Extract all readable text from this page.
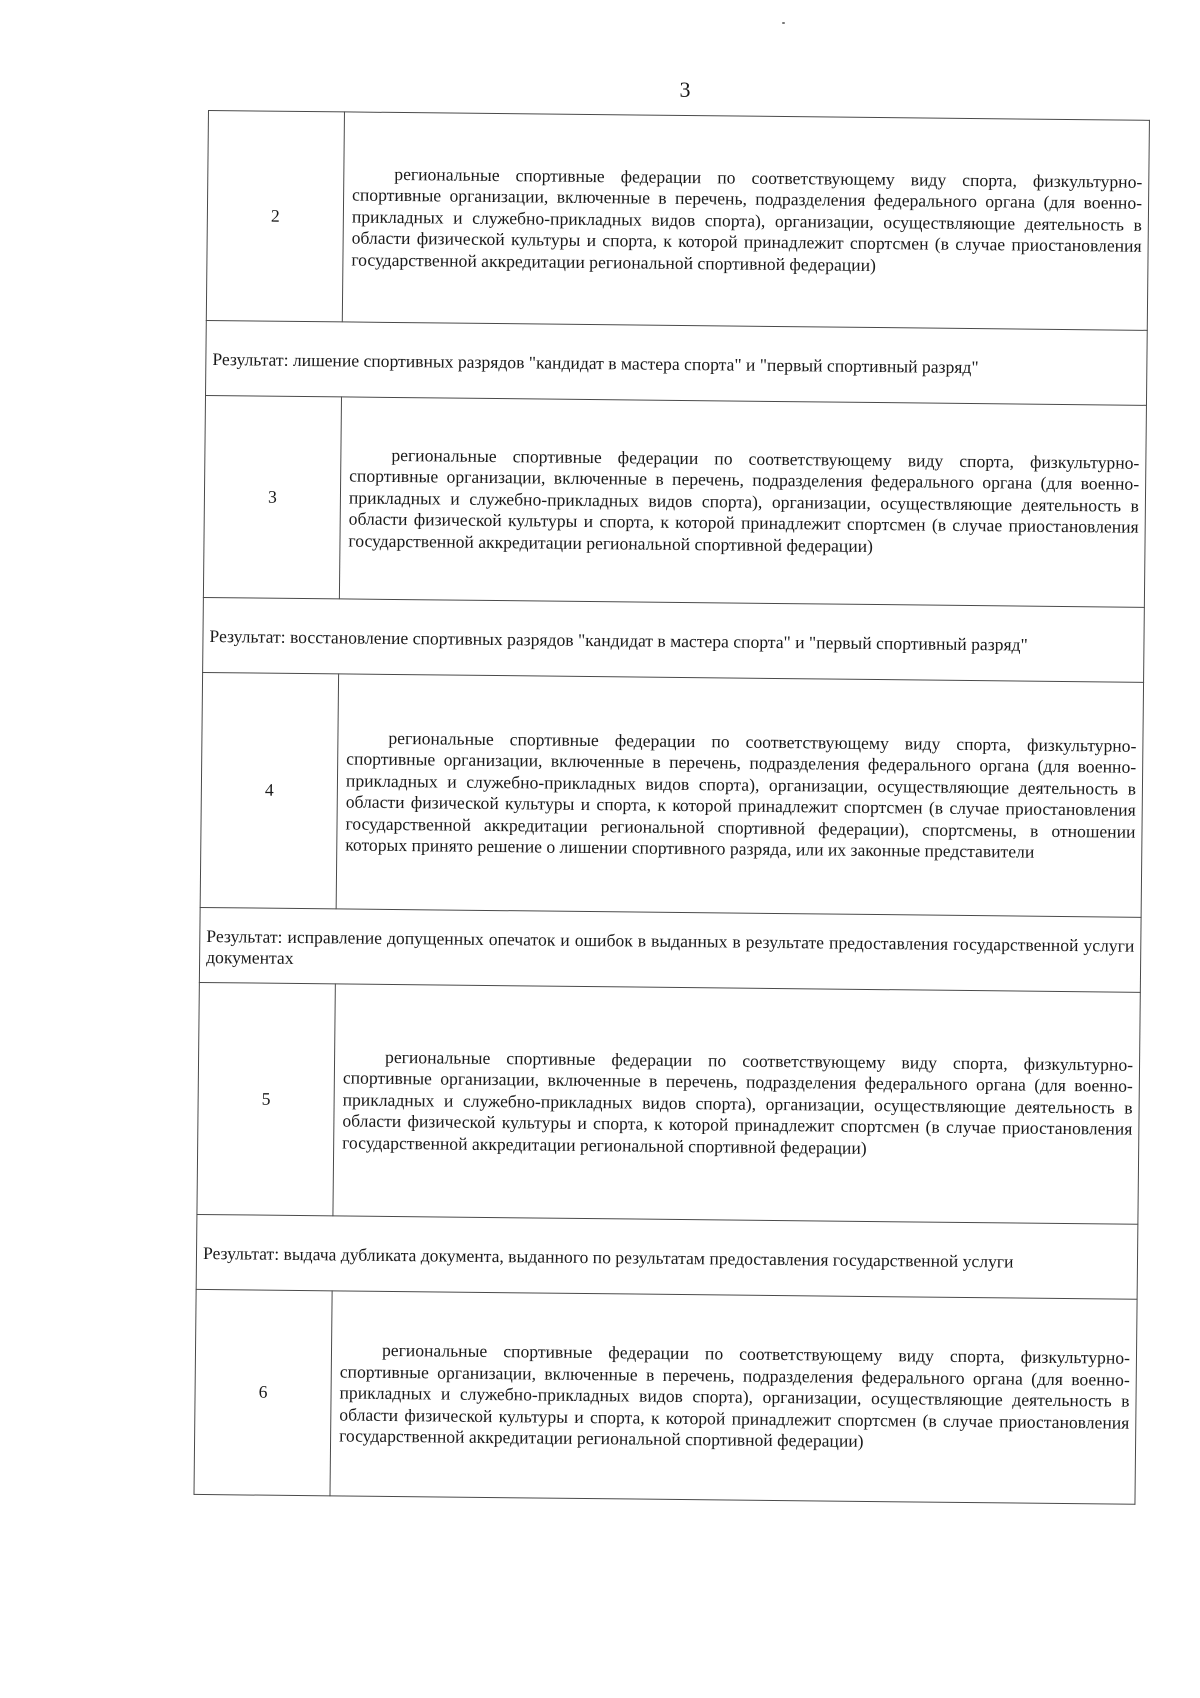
3
2	региональные спортивные федерации по соответствующему виду спорта, физкультурно-спортивные организации, включенные в перечень, подразделения федерального органа (для военно-прикладных и служебно-прикладных видов спорта), организации, осуществляющие деятельность в области физической культуры и спорта, к которой принадлежит спортсмен (в случае приостановления государственной аккредитации региональной спортивной федерации)
Результат: лишение спортивных разрядов "кандидат в мастера спорта" и "первый спортивный разряд"	
3	региональные спортивные федерации по соответствующему виду спорта, физкультурно-спортивные организации, включенные в перечень, подразделения федерального органа (для военно-прикладных и служебно-прикладных видов спорта), организации, осуществляющие деятельность в области физической культуры и спорта, к которой принадлежит спортсмен (в случае приостановления государственной аккредитации региональной спортивной федерации)
Результат: восстановление спортивных разрядов "кандидат в мастера спорта" и "первый спортивный разряд"	
4	региональные спортивные федерации по соответствующему виду спорта, физкультурно-спортивные организации, включенные в перечень, подразделения федерального органа (для военно-прикладных и служебно-прикладных видов спорта), организации, осуществляющие деятельность в области физической культуры и спорта, к которой принадлежит спортсмен (в случае приостановления государственной аккредитации региональной спортивной федерации), спортсмены, в отношении которых принято решение о лишении спортивного разряда, или их законные представители
Результат: исправление допущенных опечаток и ошибок в выданных в результате предоставления государственной услуги документах	
5	региональные спортивные федерации по соответствующему виду спорта, физкультурно-спортивные организации, включенные в перечень, подразделения федерального органа (для военно-прикладных и служебно-прикладных видов спорта), организации, осуществляющие деятельность в области физической культуры и спорта, к которой принадлежит спортсмен (в случае приостановления государственной аккредитации региональной спортивной федерации)
Результат: выдача дубликата документа, выданного по результатам предоставления государственной услуги	
6	региональные спортивные федерации по соответствующему виду спорта, физкультурно-спортивные организации, включенные в перечень, подразделения федерального органа (для военно-прикладных и служебно-прикладных видов спорта), организации, осуществляющие деятельность в области физической культуры и спорта, к которой принадлежит спортсмен (в случае приостановления государственной аккредитации региональной спортивной федерации)
